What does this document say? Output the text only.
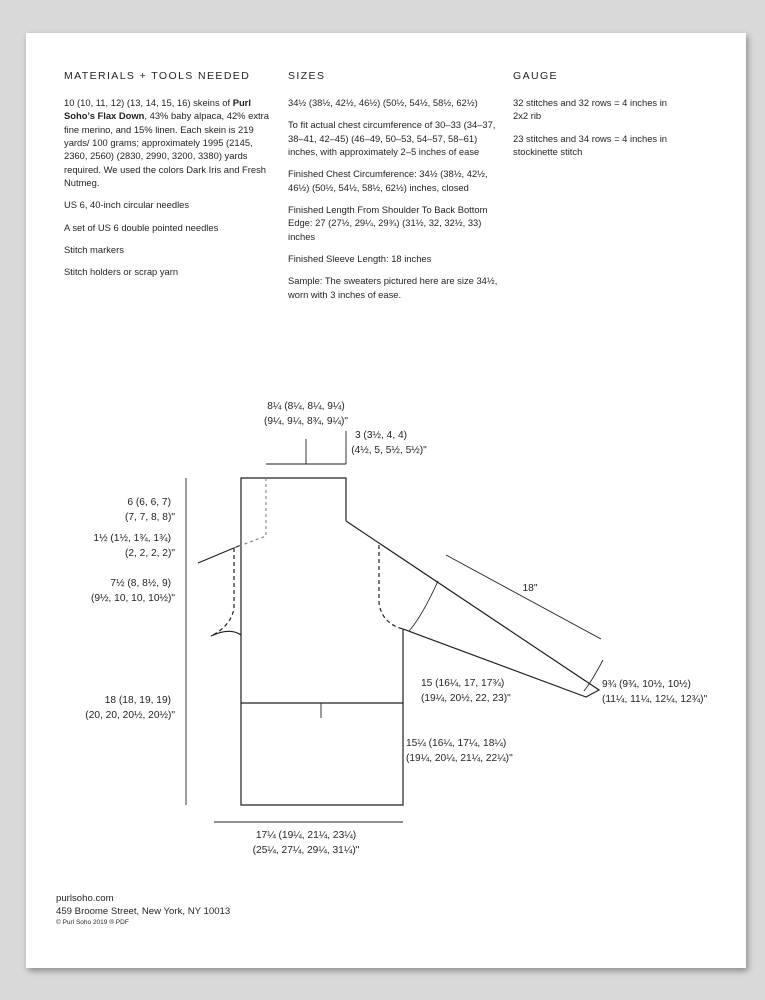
MATERIALS + TOOLS NEEDED

10 (10, 11, 12) (13, 14, 15, 16) skeins of Purl Soho’s Flax Down, 43% baby alpaca, 42% extra fine merino, and 15% linen. Each skein is 219 yards/ 100 grams; approximately 1995 (2145, 2360, 2560) (2830, 2990, 3200, 3380) yards required. We used the colors Dark Iris and Fresh Nutmeg.

US 6, 40-inch circular needles

A set of US 6 double pointed needles

Stitch markers

Stitch holders or scrap yarn

SIZES

34½ (38½, 42½, 46½) (50½, 54½, 58½, 62½)

To fit actual chest circumference of 30–33 (34–37, 38–41, 42–45) (46–49, 50–53, 54–57, 58–61) inches, with approximately 2–5 inches of ease

Finished Chest Circumference: 34½ (38½, 42½, 46½) (50½, 54½, 58½, 62½) inches, closed

Finished Length From Shoulder To Back Bottom Edge: 27 (27½, 29¼, 29¾) (31½, 32, 32½, 33) inches

Finished Sleeve Length: 18 inches

Sample: The sweaters pictured here are size 34½, worn with 3 inches of ease.

GAUGE

32 stitches and 32 rows = 4 inches in 2x2 rib

23 stitches and 34 rows = 4 inches in stockinette stitch

8¼ (8¼, 8¼, 9¼)
(9¼, 9¼, 8¾, 9¼)"
3 (3½, 4, 4)
(4½, 5, 5½, 5½)"
6 (6, 6, 7)
(7, 7, 8, 8)"
1½ (1½, 1¾, 1¾)
(2, 2, 2, 2)"
7½ (8, 8½, 9)
(9½, 10, 10, 10½)"
18 (18, 19, 19)
(20, 20, 20½, 20½)"
18"
15 (16¼, 17, 17¾)
(19¼, 20½, 22, 23)"
9¾ (9¾, 10½, 10½)
(11¼, 11¼, 12¼, 12¾)"
15¼ (16¼, 17¼, 18¼)
(19¼, 20¼, 21¼, 22¼)"
17¼ (19¼, 21¼, 23¼)
(25¼, 27¼, 29¼, 31¼)"
purlsoho.com
459 Broome Street, New York, NY 10013
© Purl Soho 2019 ® PDF
